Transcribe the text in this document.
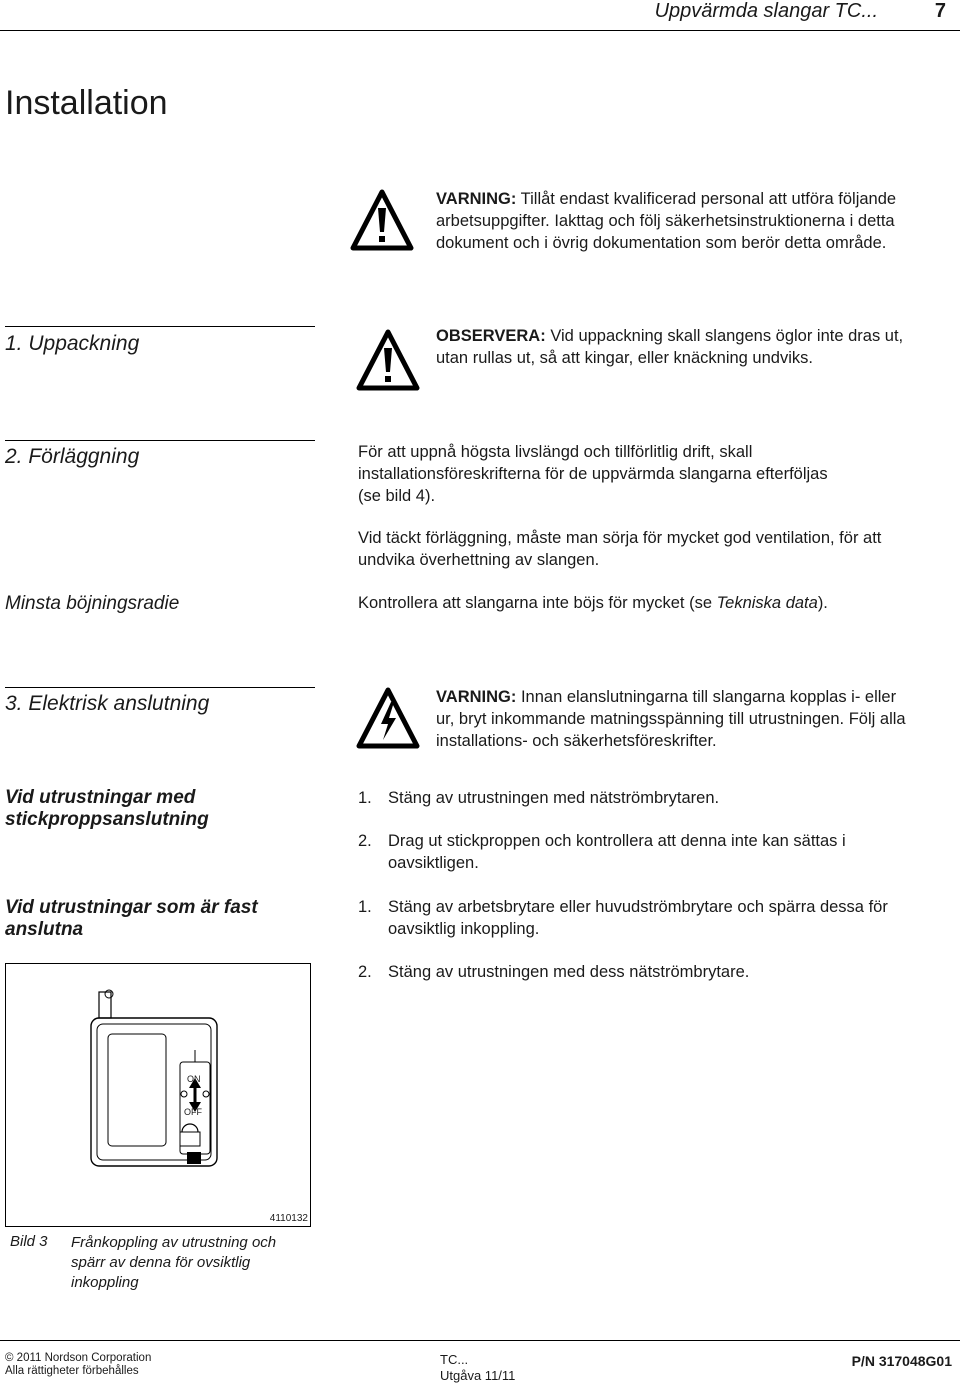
Uppvärmda slangar TC...	7
Installation
VARNING: Tillåt endast kvalificerad personal att utföra följande
arbetsuppgifter. Iakttag och följ säkerhetsinstruktionerna i detta
dokument och i övrig dokumentation som berör detta område.
1. Uppackning	OBSERVERA: Vid uppackning skall slangens öglor inte dras ut,
utan rullas ut, så att kingar, eller knäckning undviks.
2. Förläggning	För att uppnå högsta livslängd och tillförlitlig drift, skall
installationsföreskrifterna för de uppvärmda slangarna efterföljas
(se bild 4).
Vid täckt förläggning, måste man sörja för mycket god ventilation, för att
undvika överhettning av slangen.
Minsta böjningsradie	Kontrollera att slangarna inte böjs för mycket (se Tekniska data).
3. Elektrisk anslutning	VARNING: Innan elanslutningarna till slangarna kopplas i- eller
ur, bryt inkommande matningsspänning till utrustningen. Följ alla
installations- och säkerhetsföreskrifter.
Vid utrustningar med
stickproppsanslutning
1. Stäng av utrustningen med nätströmbrytaren.
2. Drag ut stickproppen och kontrollera att denna inte kan sättas i
oavsiktligen.
Vid utrustningar som är fast
anslutna
1. Stäng av arbetsbrytare eller huvudströmbrytare och spärra dessa för
oavsiktlig inkoppling.
2. Stäng av utrustningen med dess nätströmbrytare.
ON
OFF
4110132
Bild 3 Frånkoppling av utrustning och
spärr av denna för ovsiktlig
inkoppling
© 2011 Nordson Corporation
Alla rättigheter förbehålles
TC...
Utgåva 11/11
P/N 317048G01
